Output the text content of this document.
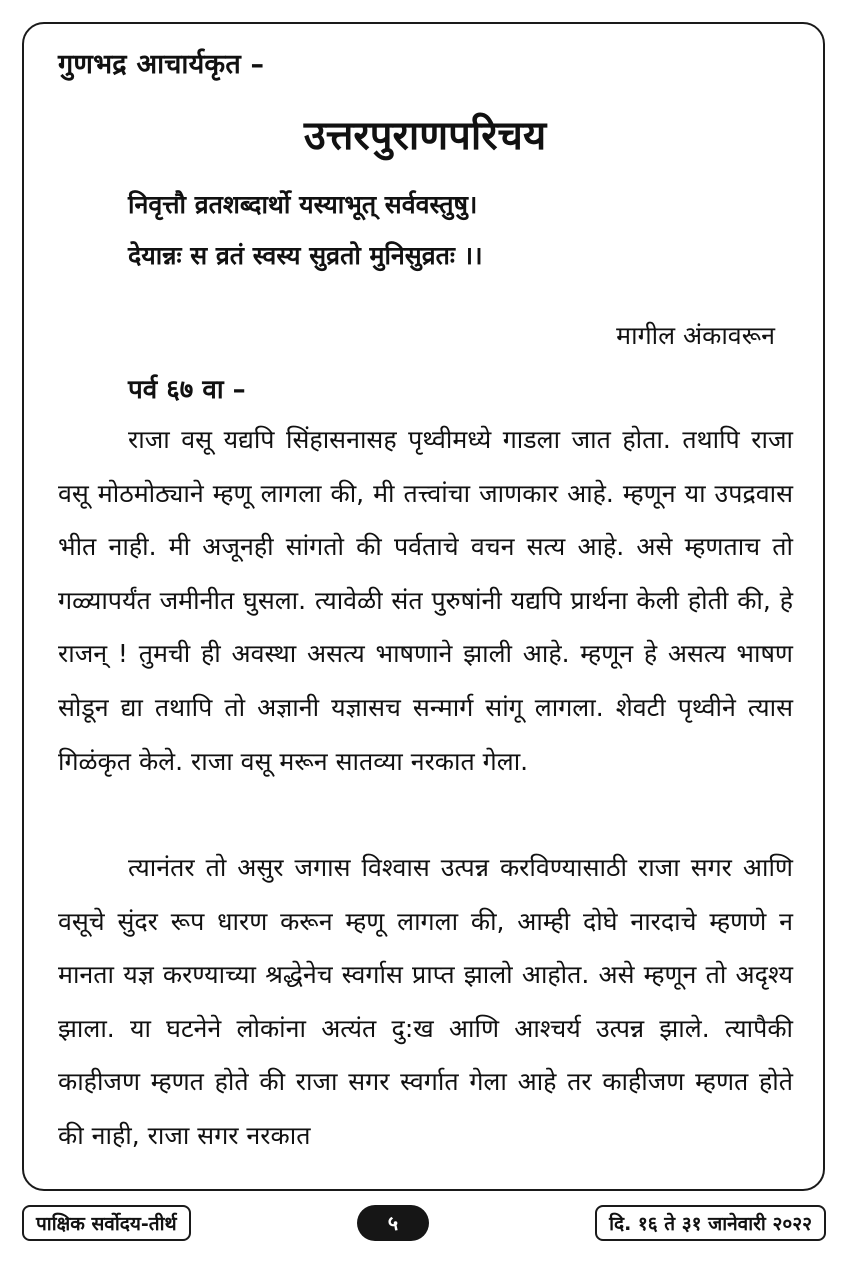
गुणभद्र आचार्यकृत –
उत्तरपुराणपरिचय
निवृत्तौ व्रतशब्दार्थो यस्याभूत् सर्ववस्तुषु।
देयान्नः स व्रतं स्वस्य सुव्रतो मुनिसुव्रतः ।।
मागील अंकावरून
पर्व ६७ वा –
राजा वसू यद्यपि सिंहासनासह पृथ्वीमध्ये गाडला जात होता. तथापि राजा वसू मोठमोठ्याने म्हणू लागला की, मी तत्त्वांचा जाणकार आहे. म्हणून या उपद्रवास भीत नाही. मी अजूनही सांगतो की पर्वताचे वचन सत्य आहे. असे म्हणताच तो गळ्यापर्यंत जमीनीत घुसला. त्यावेळी संत पुरुषांनी यद्यपि प्रार्थना केली होती की, हे राजन् ! तुमची ही अवस्था असत्य भाषणाने झाली आहे. म्हणून हे असत्य भाषण सोडून द्या तथापि तो अज्ञानी यज्ञासच सन्मार्ग सांगू लागला. शेवटी पृथ्वीने त्यास गिळंकृत केले. राजा वसू मरून सातव्या नरकात गेला.
त्यानंतर तो असुर जगास विश्वास उत्पन्न करविण्यासाठी राजा सगर आणि वसूचे सुंदर रूप धारण करून म्हणू लागला की, आम्ही दोघे नारदाचे म्हणणे न मानता यज्ञ करण्याच्या श्रद्धेनेच स्वर्गास प्राप्त झालो आहोत. असे म्हणून तो अदृश्य झाला. या घटनेने लोकांना अत्यंत दु:ख आणि आश्चर्य उत्पन्न झाले. त्यापैकी काहीजण म्हणत होते की राजा सगर स्वर्गात गेला आहे तर काहीजण म्हणत होते की नाही, राजा सगर नरकात
पाक्षिक सर्वोदय-तीर्थ	५	दि. १६ ते ३१ जानेवारी २०२२
